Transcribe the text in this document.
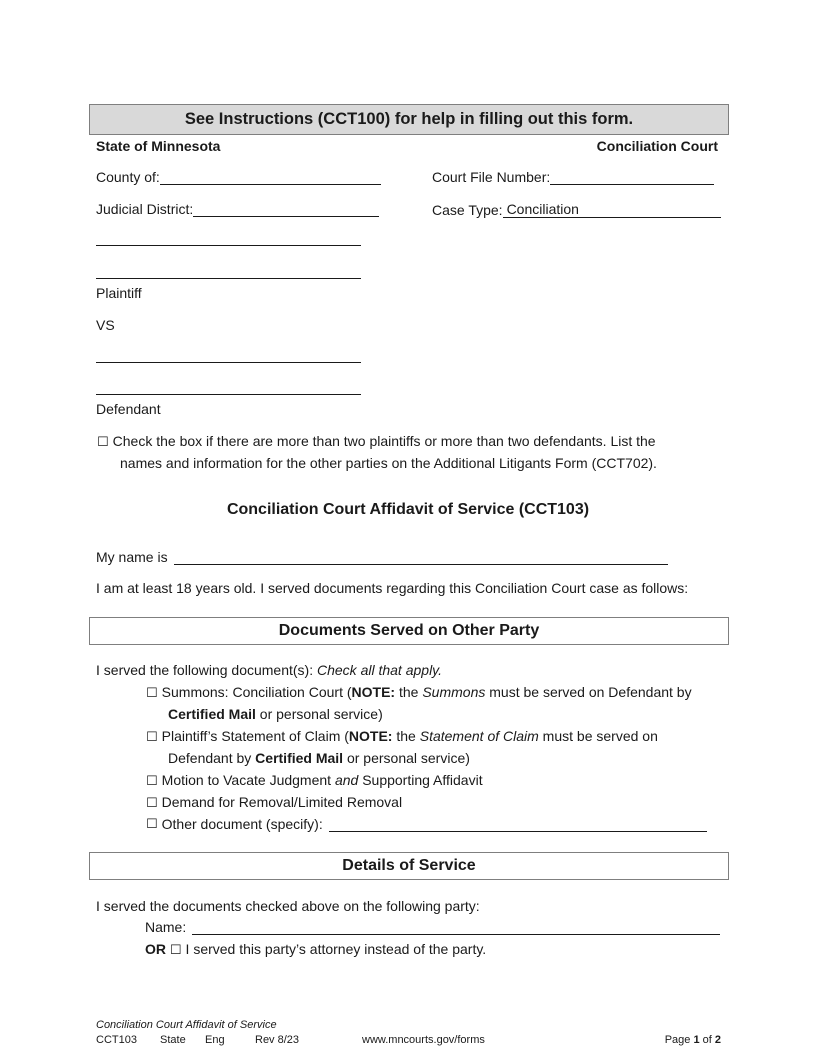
See Instructions (CCT100) for help in filling out this form.
State of Minnesota	Conciliation Court
County of:	Court File Number:
Judicial District:	Case Type: Conciliation
Plaintiff
VS
Defendant
☐ Check the box if there are more than two plaintiffs or more than two defendants. List the
names and information for the other parties on the Additional Litigants Form (CCT702).
Conciliation Court Affidavit of Service (CCT103)
My name is
I am at least 18 years old. I served documents regarding this Conciliation Court case as follows:
Documents Served on Other Party
I served the following document(s): Check all that apply.
☐ Summons: Conciliation Court (NOTE: the Summons must be served on Defendant by
Certified Mail or personal service)
☐ Plaintiff’s Statement of Claim (NOTE: the Statement of Claim must be served on
Defendant by Certified Mail or personal service)
☐ Motion to Vacate Judgment and Supporting Affidavit
☐ Demand for Removal/Limited Removal
☐ Other document (specify):
Details of Service
I served the documents checked above on the following party:
Name:
OR ☐ I served this party’s attorney instead of the party.
Conciliation Court Affidavit of Service
CCT103 State Eng	Rev 8/23	www.mncourts.gov/forms	Page 1 of 2
